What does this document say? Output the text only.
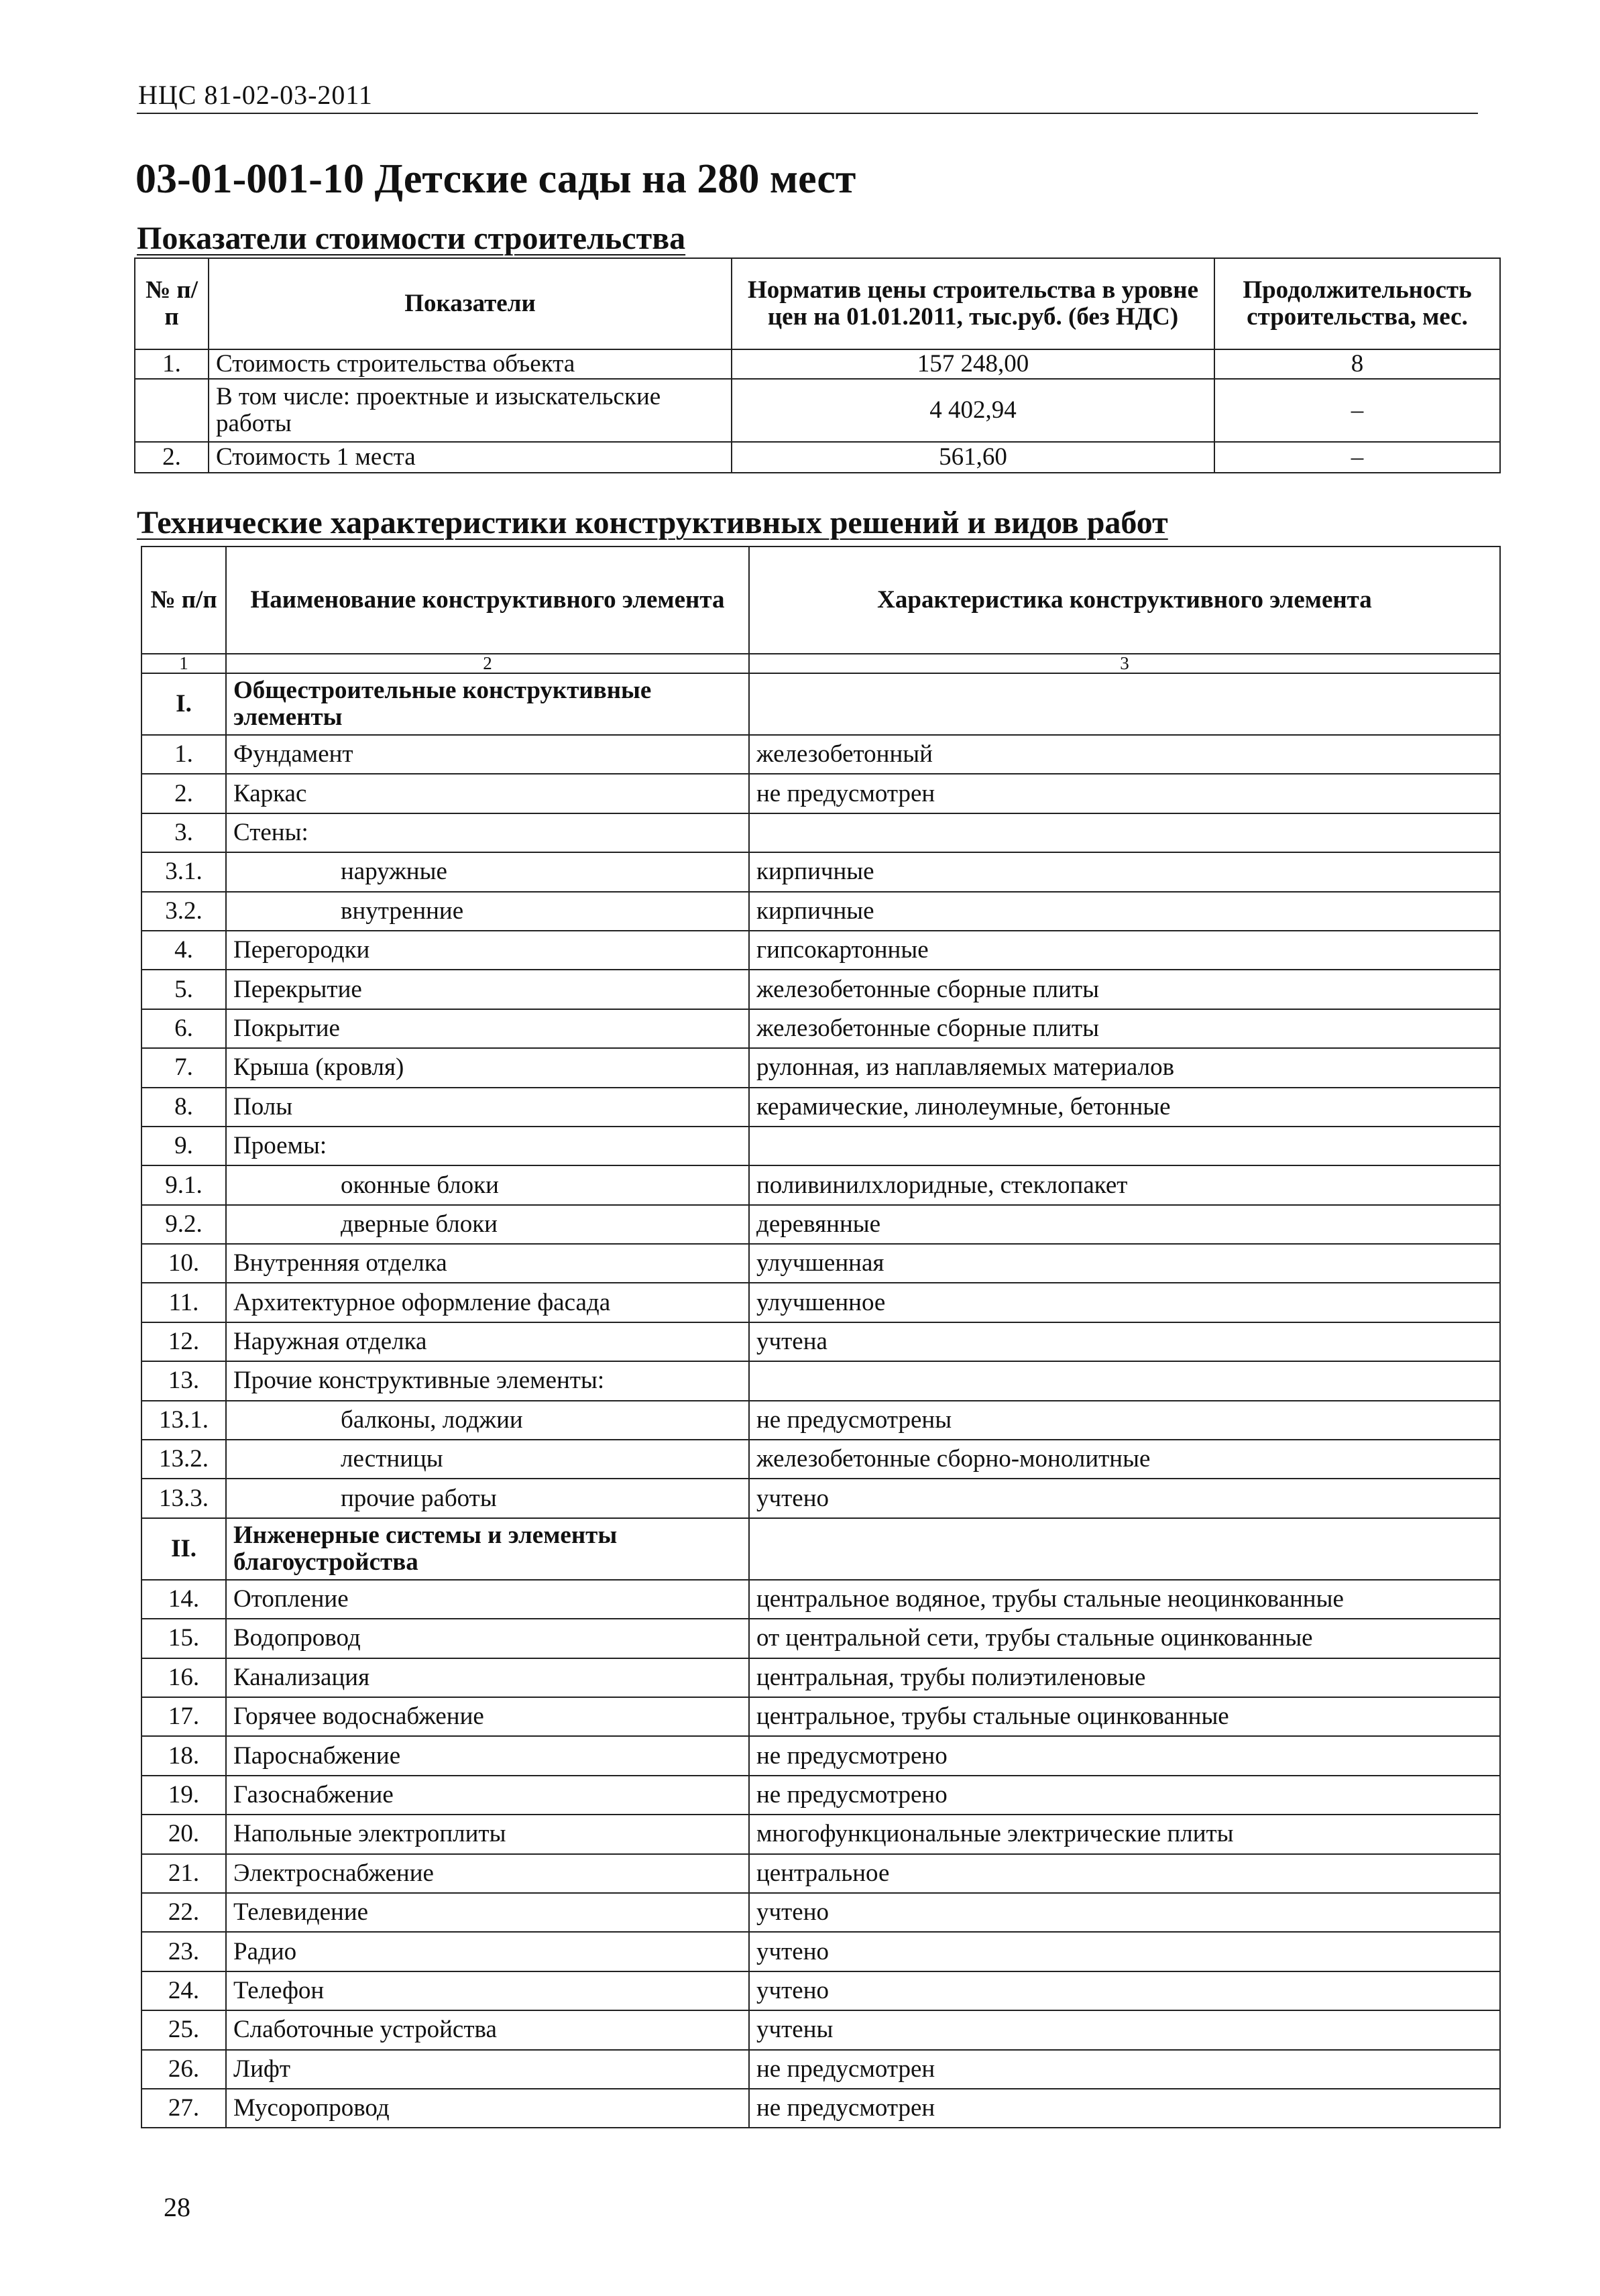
НЦС 81-02-03-2011
03-01-001-10 Детские сады на 280 мест
Показатели стоимости строительства
№ п/п	Показатели	Норматив цены строительства в уровне цен на 01.01.2011, тыс.руб. (без НДС)	Продолжительность строительства, мес.
1.	Стоимость строительства объекта	157 248,00	8
	В том числе: проектные и изыскательские работы	4 402,94	–
2.	Стоимость 1 места	561,60	–
Технические характеристики конструктивных решений и видов работ
№ п/п	Наименование конструктивного элемента	Характеристика конструктивного элемента
1	2	3
I.	Общестроительные конструктивные элементы	
1.	Фундамент	железобетонный
2.	Каркас	не предусмотрен
3.	Стены:	
3.1.	наружные	кирпичные
3.2.	внутренние	кирпичные
4.	Перегородки	гипсокартонные
5.	Перекрытие	железобетонные сборные плиты
6.	Покрытие	железобетонные сборные плиты
7.	Крыша (кровля)	рулонная, из наплавляемых материалов
8.	Полы	керамические, линолеумные, бетонные
9.	Проемы:	
9.1.	оконные блоки	поливинилхлоридные, стеклопакет
9.2.	дверные блоки	деревянные
10.	Внутренняя отделка	улучшенная
11.	Архитектурное оформление фасада	улучшенное
12.	Наружная отделка	учтена
13.	Прочие конструктивные элементы:	
13.1.	балконы, лоджии	не предусмотрены
13.2.	лестницы	железобетонные сборно-монолитные
13.3.	прочие работы	учтено
II.	Инженерные системы и элементы благоустройства	
14.	Отопление	центральное водяное, трубы стальные неоцинкованные
15.	Водопровод	от центральной сети, трубы стальные оцинкованные
16.	Канализация	центральная, трубы полиэтиленовые
17.	Горячее водоснабжение	центральное, трубы стальные оцинкованные
18.	Пароснабжение	не предусмотрено
19.	Газоснабжение	не предусмотрено
20.	Напольные электроплиты	многофункциональные электрические плиты
21.	Электроснабжение	центральное
22.	Телевидение	учтено
23.	Радио	учтено
24.	Телефон	учтено
25.	Слаботочные устройства	учтены
26.	Лифт	не предусмотрен
27.	Мусоропровод	не предусмотрен
28
